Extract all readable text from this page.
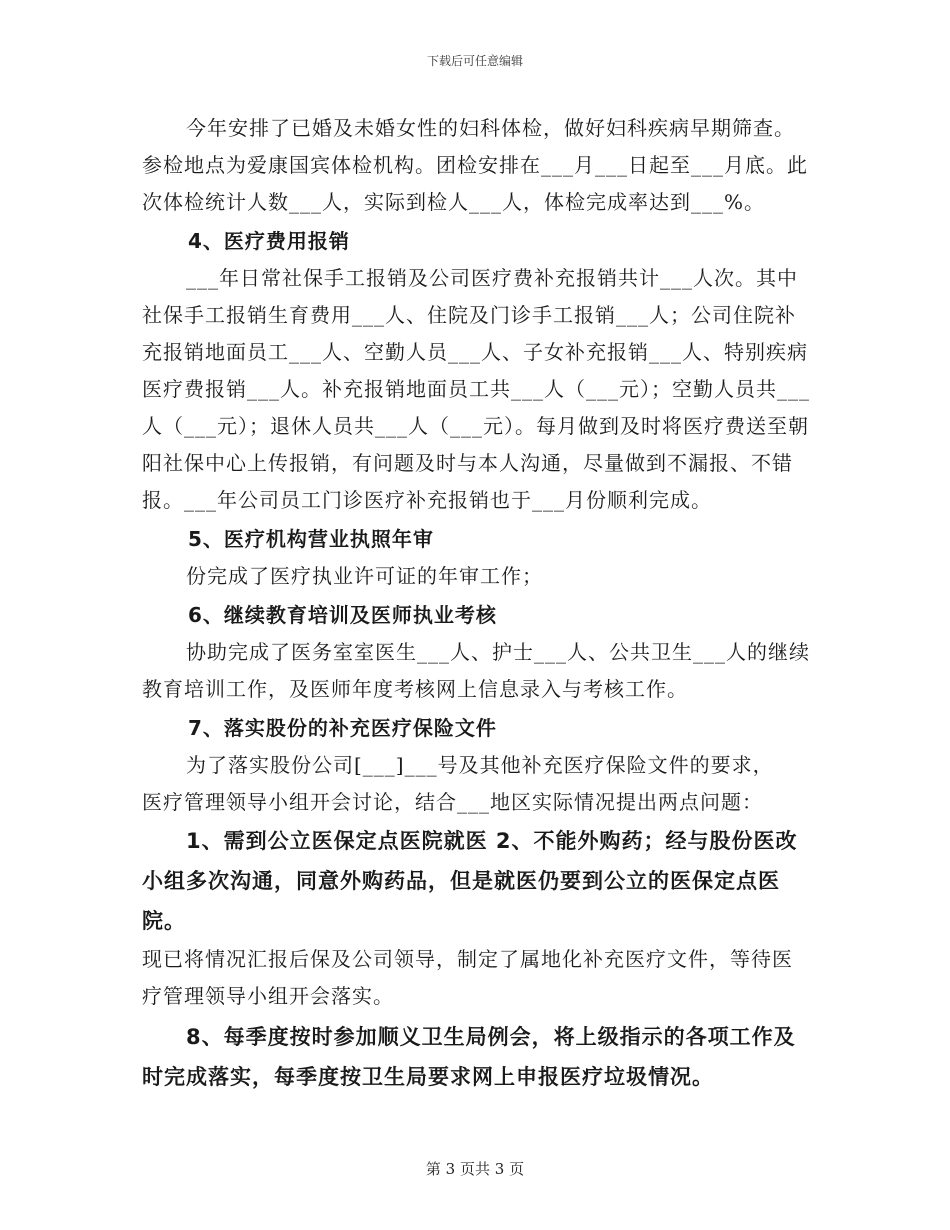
下载后可任意编辑

今年安排了已婚及未婚女性的妇科体检，做好妇科疾病早期筛查。参检地点为爱康国宾体检机构。团检安排在___月___日起至___月底。此次体检统计人数___人，实际到检人___人，体检完成率达到___%。

4、医疗费用报销

___年日常社保手工报销及公司医疗费补充报销共计___人次。其中社保手工报销生育费用___人、住院及门诊手工报销___人；公司住院补充报销地面员工___人、空勤人员___人、子女补充报销___人、特别疾病医疗费报销___人。补充报销地面员工共___人（___元）；空勤人员共___人（___元）；退休人员共___人（___元）。每月做到及时将医疗费送至朝阳社保中心上传报销，有问题及时与本人沟通，尽量做到不漏报、不错报。___年公司员工门诊医疗补充报销也于___月份顺利完成。

5、医疗机构营业执照年审

份完成了医疗执业许可证的年审工作；

6、继续教育培训及医师执业考核

协助完成了医务室室医生___人、护士___人、公共卫生___人的继续教育培训工作，及医师年度考核网上信息录入与考核工作。

7、落实股份的补充医疗保险文件

为了落实股份公司[___]___号及其他补充医疗保险文件的要求，

医疗管理领导小组开会讨论，结合___地区实际情况提出两点问题：

1、需到公立医保定点医院就医 2、不能外购药；经与股份医改小组多次沟通，同意外购药品，但是就医仍要到公立的医保定点医院。

现已将情况汇报后保及公司领导，制定了属地化补充医疗文件，等待医疗管理领导小组开会落实。

8、每季度按时参加顺义卫生局例会，将上级指示的各项工作及时完成落实，每季度按卫生局要求网上申报医疗垃圾情况。

第 3 页共 3 页
